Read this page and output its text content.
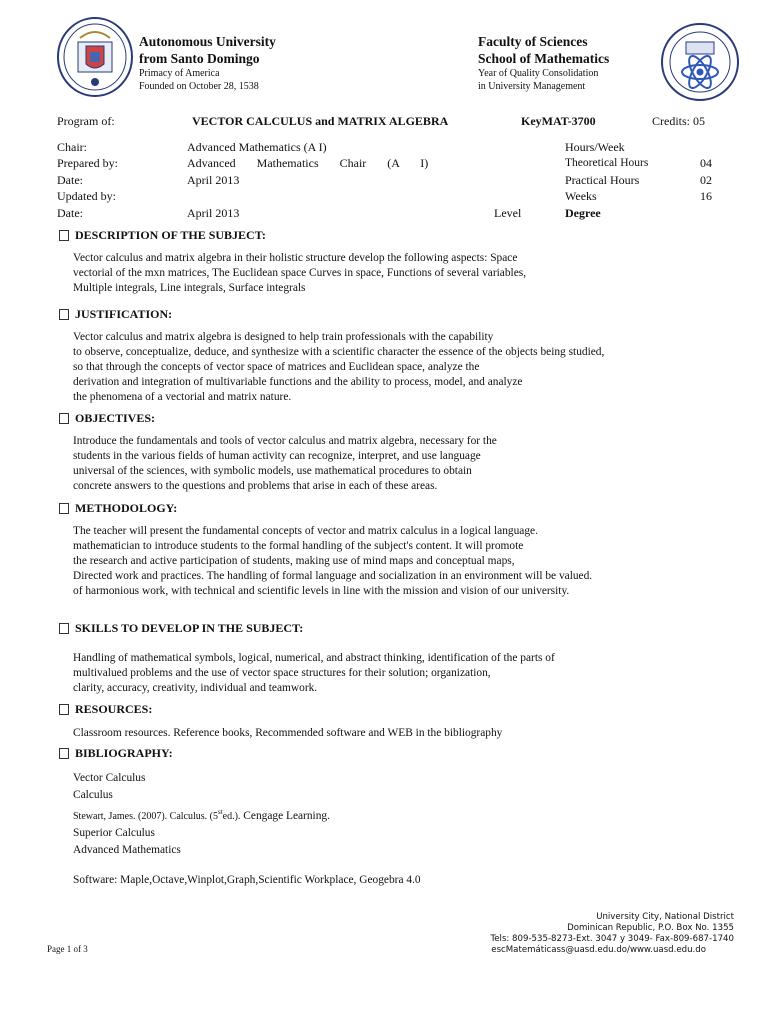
Autonomous University
from Santo Domingo
Primacy of America
Founded on October 28, 1538
Faculty of Sciences
School of Mathematics
Year of Quality Consolidation
in University Management
Program of:	VECTOR CALCULUS and MATRIX ALGEBRA	KeyMAT-3700	Credits: 05
Chair:	Advanced Mathematics (A I)
Prepared by:	Advanced Mathematics Chair (A I)
Date:	April 2013
Updated by:
Date:	April 2013	Level	Degree
Hours/Week
Theoretical Hours	04
Practical Hours	02
Weeks	16
DESCRIPTION OF THE SUBJECT:
Vector calculus and matrix algebra in their holistic structure develop the following aspects: Space
vectorial of the mxn matrices, The Euclidean space Curves in space, Functions of several variables,
Multiple integrals, Line integrals, Surface integrals
JUSTIFICATION:
Vector calculus and matrix algebra is designed to help train professionals with the capability
to observe, conceptualize, deduce, and synthesize with a scientific character the essence of the objects being studied,
so that through the concepts of vector space of matrices and Euclidean space, analyze the
derivation and integration of multivariable functions and the ability to process, model, and analyze
the phenomena of a vectorial and matrix nature.
OBJECTIVES:
Introduce the fundamentals and tools of vector calculus and matrix algebra, necessary for the
students in the various fields of human activity can recognize, interpret, and use language
universal of the sciences, with symbolic models, use mathematical procedures to obtain
concrete answers to the questions and problems that arise in each of these areas.
METHODOLOGY:
The teacher will present the fundamental concepts of vector and matrix calculus in a logical language.
mathematician to introduce students to the formal handling of the subject's content. It will promote
the research and active participation of students, making use of mind maps and conceptual maps,
Directed work and practices. The handling of formal language and socialization in an environment will be valued.
of harmonious work, with technical and scientific levels in line with the mission and vision of our university.
SKILLS TO DEVELOP IN THE SUBJECT:
Handling of mathematical symbols, logical, numerical, and abstract thinking, identification of the parts of
multivalued problems and the use of vector space structures for their solution; organization,
clarity, accuracy, creativity, individual and teamwork.
RESOURCES:
Classroom resources. Reference books, Recommended software and WEB in the bibliography
BIBLIOGRAPHY:
Vector Calculus
Calculus
Stewart, James. (2007). Calculus. (5sted.). Cengage Learning.
Superior Calculus
Advanced Mathematics
Software: Maple,Octave,Winplot,Graph,Scientific Workplace, Geogebra 4.0
University City, National District
Dominican Republic, P.O. Box No. 1355
Tels: 809-535-8273-Ext. 3047 y 3049- Fax-809-687-1740
escMatemáticass@uasd.edu.do/www.uasd.edu.do
Page 1 of 3
